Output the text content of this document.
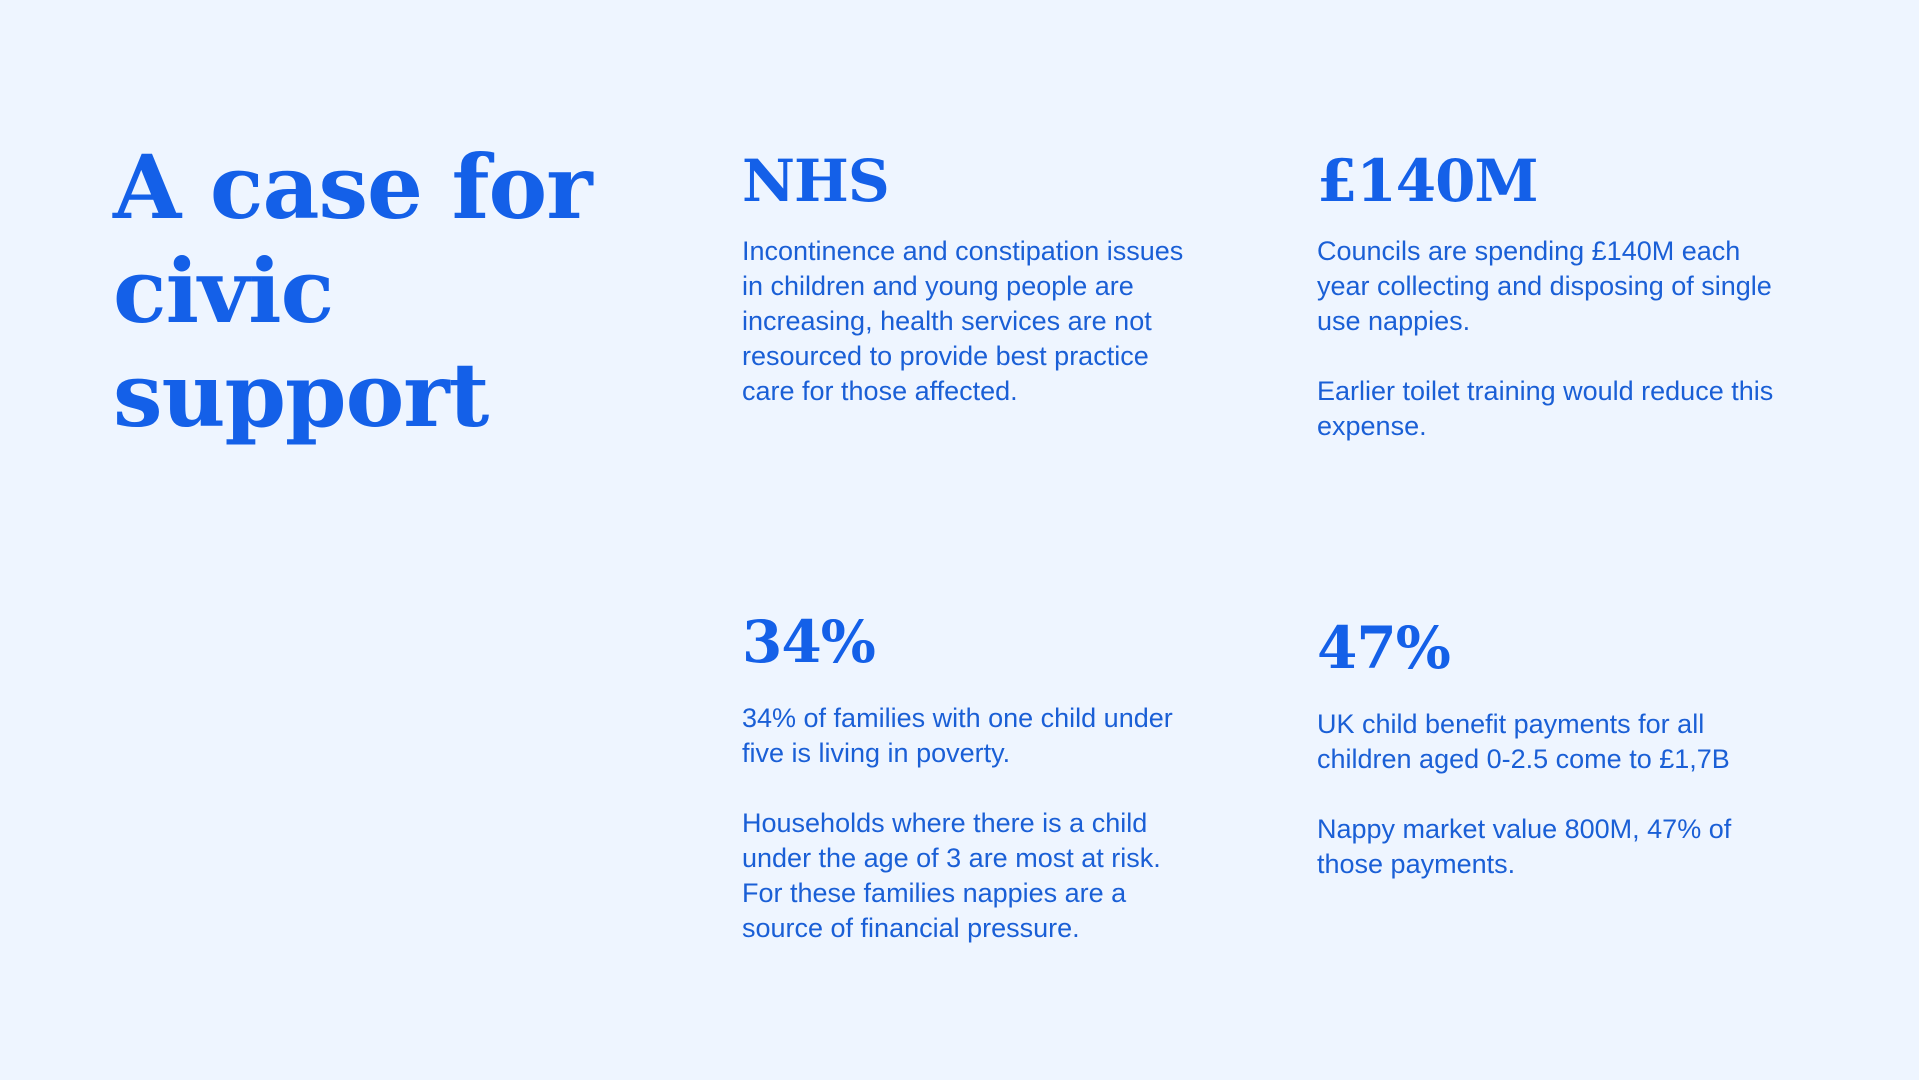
A case for
civic
support
NHS

Incontinence and constipation issues in children and young people are increasing, health services are not resourced to provide best practice care for those affected.

£140M

Councils are spending £140M each year collecting and disposing of single use nappies.

Earlier toilet training would reduce this expense.

34%

34% of families with one child under five is living in poverty.

Households where there is a child under the age of 3 are most at risk. For these families nappies are a source of financial pressure.

47%

UK child benefit payments for all children aged 0-2.5 come to £1,7B

Nappy market value 800M, 47% of those payments.
